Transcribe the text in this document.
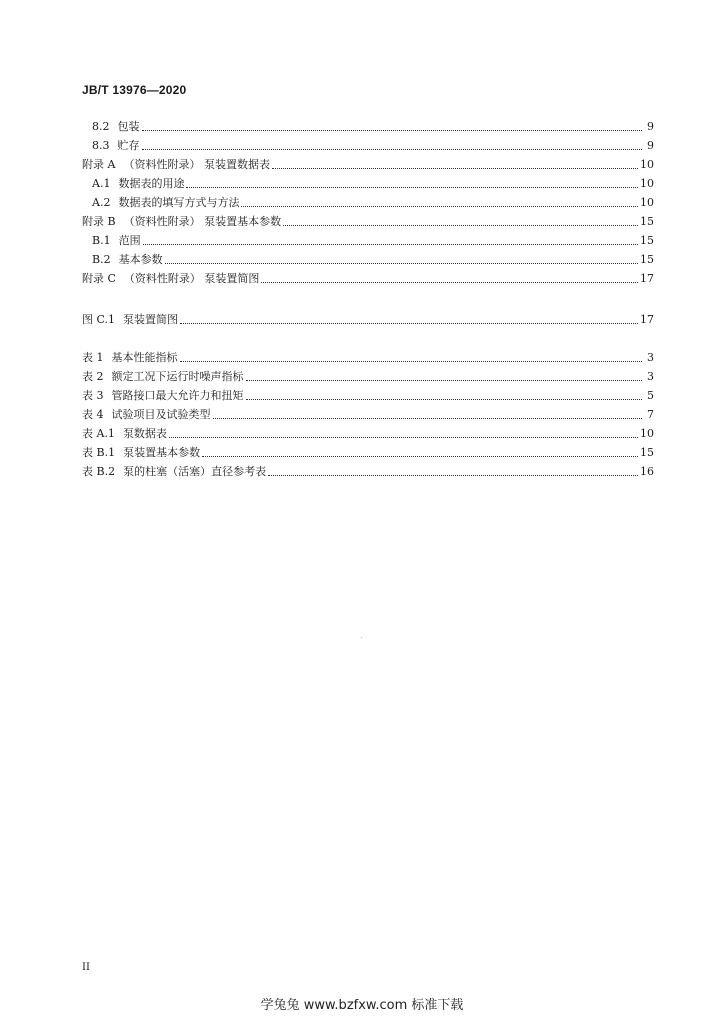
JB/T 13976—2020
8.2 包装	9
8.3 贮存	9
附录 A （资料性附录） 泵装置数据表	10
A.1 数据表的用途	10
A.2 数据表的填写方式与方法	10
附录 B （资料性附录） 泵装置基本参数	15
B.1 范围	15
B.2 基本参数	15
附录 C （资料性附录） 泵装置简图	17
图 C.1 泵装置简图	17
表 1 基本性能指标	3
表 2 额定工况下运行时噪声指标	3
表 3 管路接口最大允许力和扭矩	5
表 4 试验项目及试验类型	7
表 A.1 泵数据表	10
表 B.1 泵装置基本参数	15
表 B.2 泵的柱塞（活塞）直径参考表	16
II
学兔兔 www.bzfxw.com 标准下载
